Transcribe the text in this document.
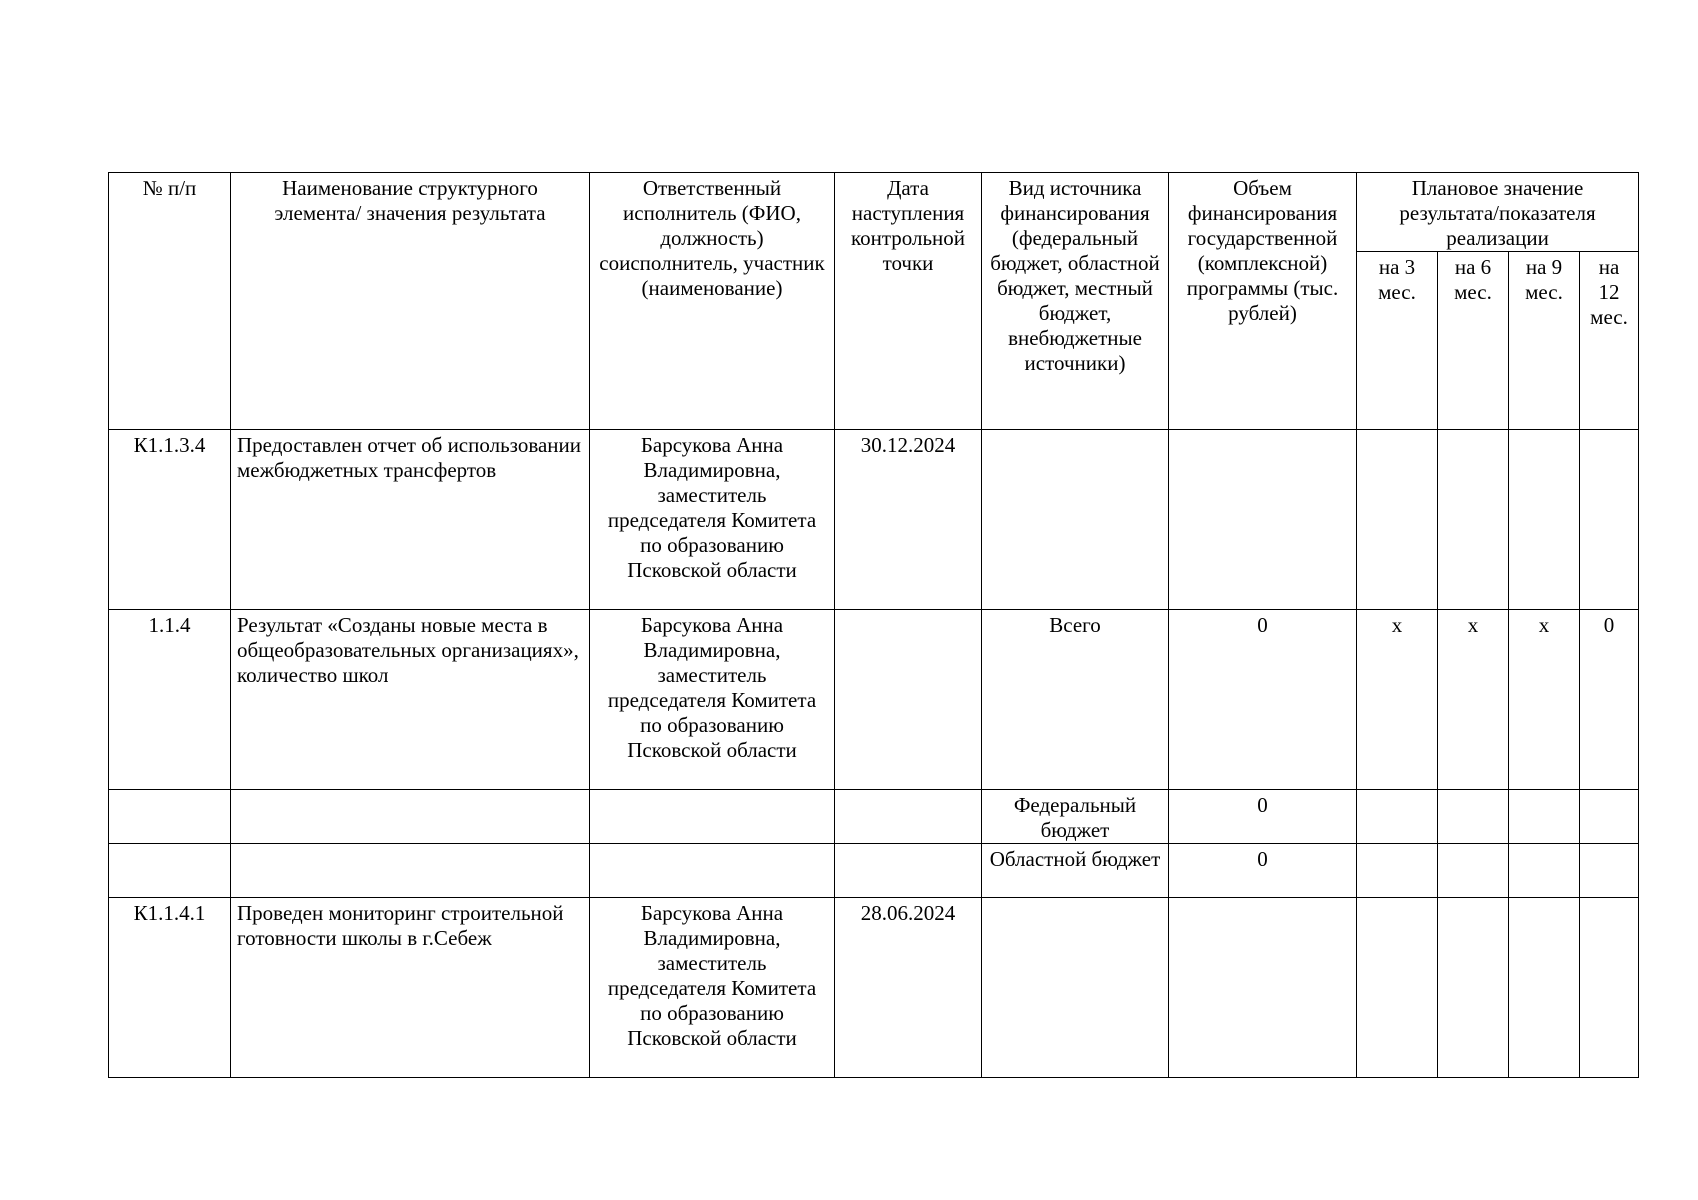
№ п/п	Наименование структурного элемента/ значения результата	Ответственный исполнитель (ФИО, должность) соисполнитель, участник (наименование)	Дата наступления контрольной точки	Вид источника финансирования (федеральный бюджет, областной бюджет, местный бюджет, внебюджетные источники)	Объем финансирования государственной (комплексной) программы (тыс. рублей)	Плановое значение результата/показателя реализации			
						на 3 мес.	на 6 мес.	на 9 мес.	на 12 мес.
К1.1.3.4	Предоставлен отчет об использовании межбюджетных трансфертов	Барсукова Анна Владимировна, заместитель председателя Комитета по образованию Псковской области	30.12.2024						
1.1.4	Результат «Созданы новые места в общеобразовательных организациях», количество школ	Барсукова Анна Владимировна, заместитель председателя Комитета по образованию Псковской области		Всего	0	х	х	х	0
				Федеральный бюджет	0				
				Областной бюджет	0				
К1.1.4.1	Проведен мониторинг строительной готовности школы в г.Себеж	Барсукова Анна Владимировна, заместитель председателя Комитета по образованию Псковской области	28.06.2024						
